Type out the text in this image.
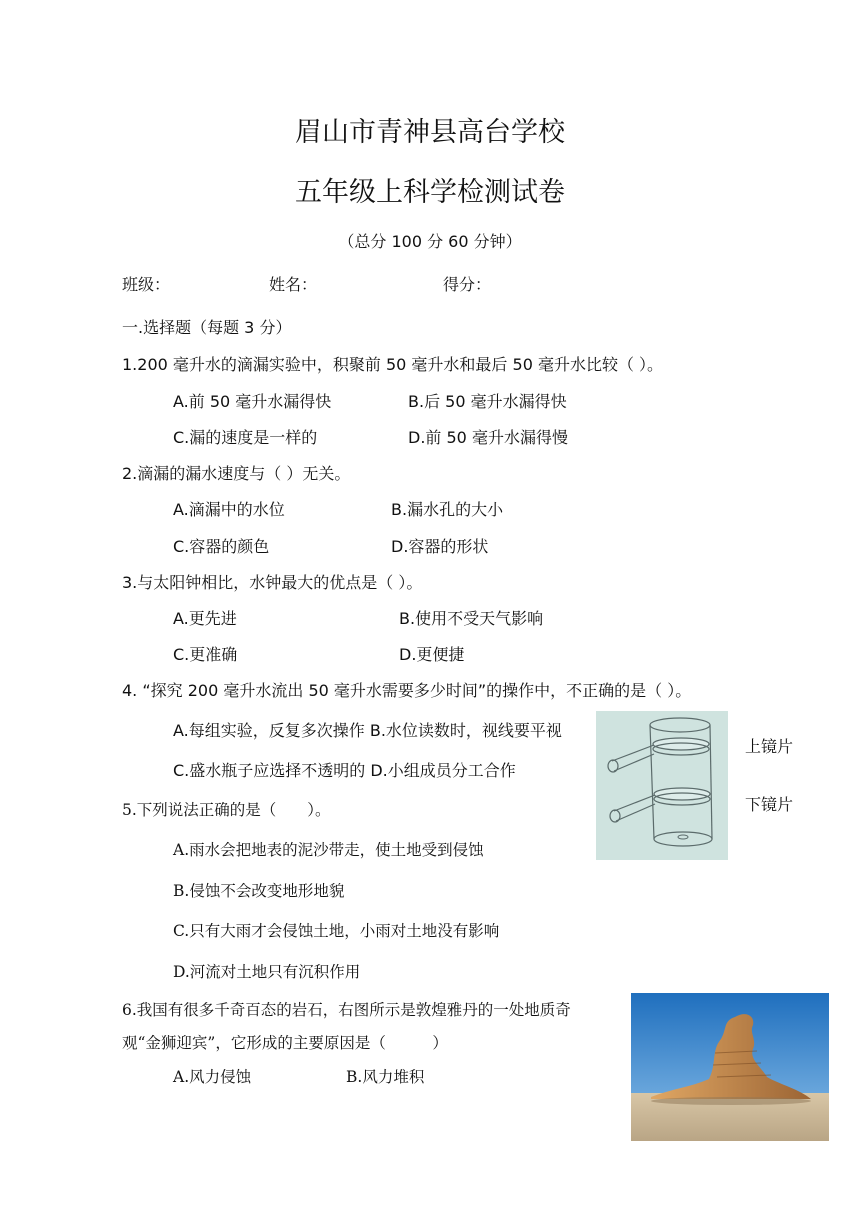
眉山市青神县高台学校
五年级上科学检测试卷
（总分 100 分 60 分钟）
班级：	姓名：	得分：
一.选择题（每题 3 分）
1.200 毫升水的滴漏实验中，积聚前 50 毫升水和最后 50 毫升水比较（ ）。
A.前 50 毫升水漏得快	B.后 50 毫升水漏得快
C.漏的速度是一样的	D.前 50 毫升水漏得慢
2.滴漏的漏水速度与（ ）无关。
A.滴漏中的水位	B.漏水孔的大小
C.容器的颜色	D.容器的形状
3.与太阳钟相比，水钟最大的优点是（ ）。
A.更先进	B.使用不受天气影响
C.更准确	D.更便捷
4. “探究 200 毫升水流出 50 毫升水需要多少时间”的操作中，不正确的是（ ）。
A.每组实验，反复多次操作 B.水位读数时，视线要平视
C.盛水瓶子应选择不透明的 D.小组成员分工合作
上镜片
下镜片
5.下列说法正确的是（　　）。
A.雨水会把地表的泥沙带走，使土地受到侵蚀
B.侵蚀不会改变地形地貌
C.只有大雨才会侵蚀土地，小雨对土地没有影响
D.河流对土地只有沉积作用
6.我国有很多千奇百态的岩石，右图所示是敦煌雅丹的一处地质奇
观“金狮迎宾”，它形成的主要原因是（　　　）
A.风力侵蚀	B.风力堆积
